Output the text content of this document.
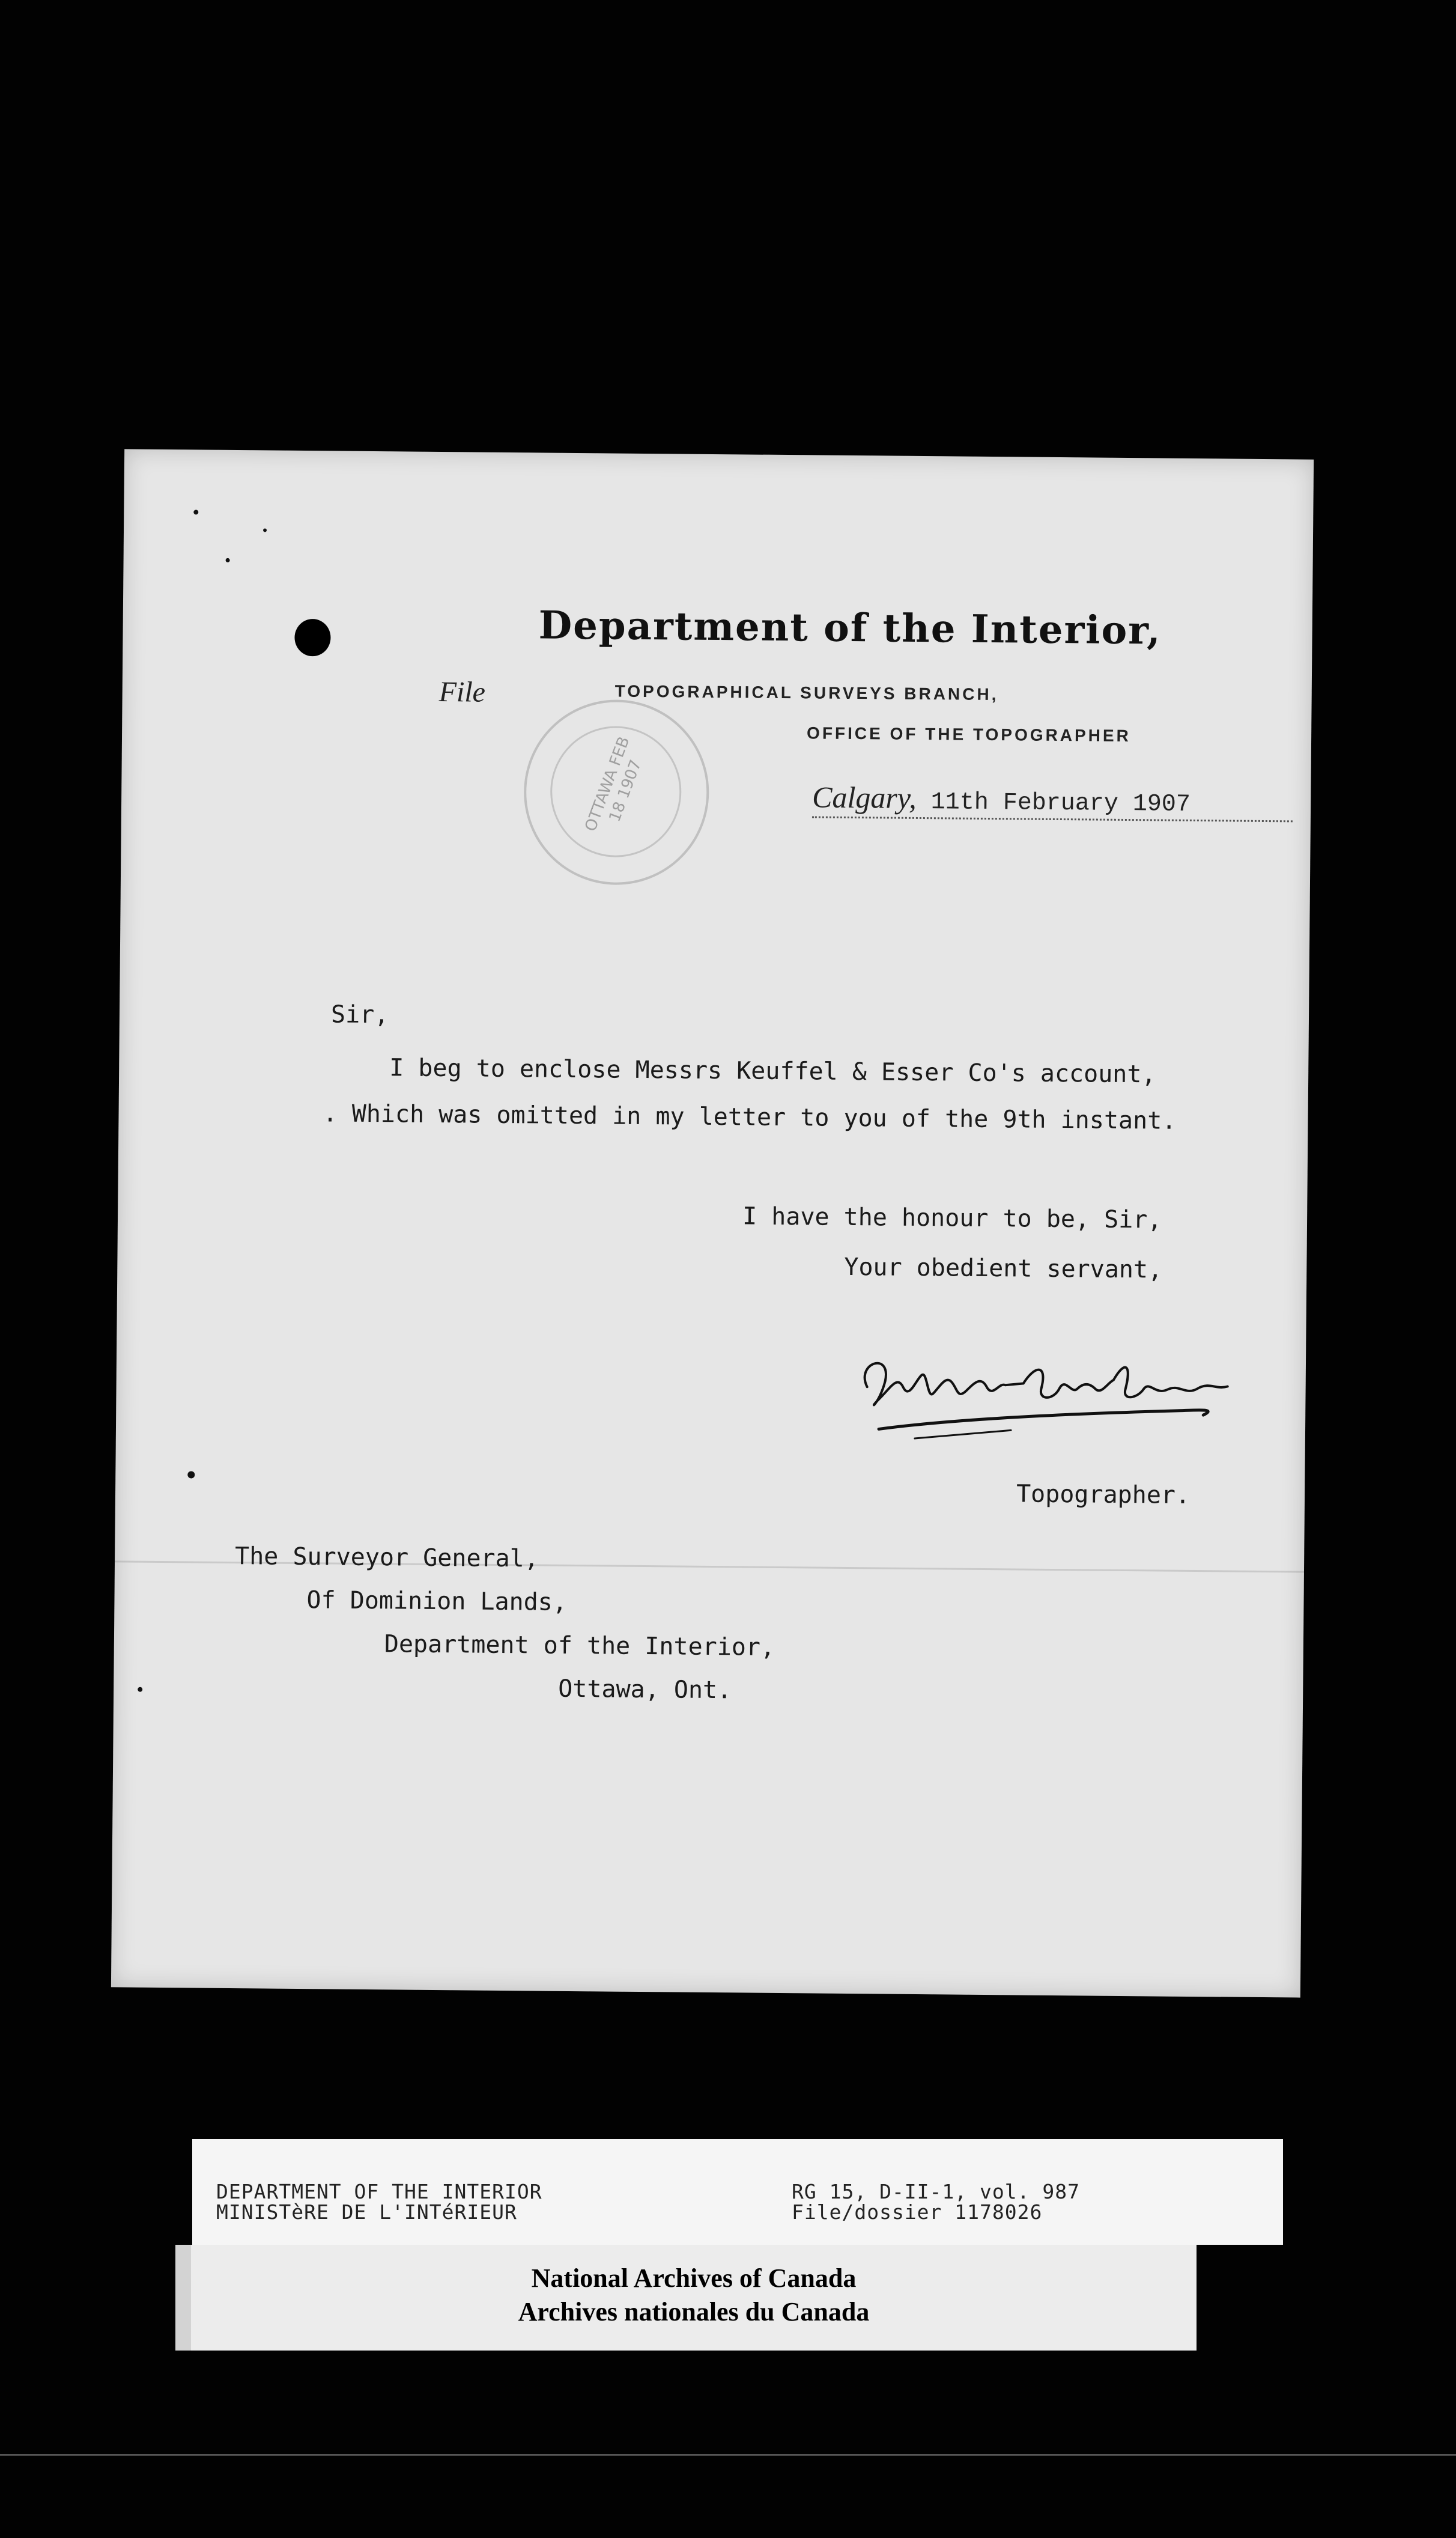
Department of the Interior,
File	TOPOGRAPHICAL SURVEYS BRANCH,
OFFICE OF THE TOPOGRAPHER
OTTAWA FEB 18 1907	Calgary, 11th February 1907
Sir,
I beg to enclose Messrs Keuffel & Esser Co's account,
. Which was omitted in my letter to you of the 9th instant.
I have the honour to be, Sir,
Your obedient servant,
Topographer.
The Surveyor General,
Of Dominion Lands,
Department of the Interior,
Ottawa, Ont.
DEPARTMENT OF THE INTERIOR
MINISTèRE DE L'INTéRIEUR
RG 15, D-II-1, vol. 987
File/dossier 1178026
National Archives of Canada
Archives nationales du Canada
